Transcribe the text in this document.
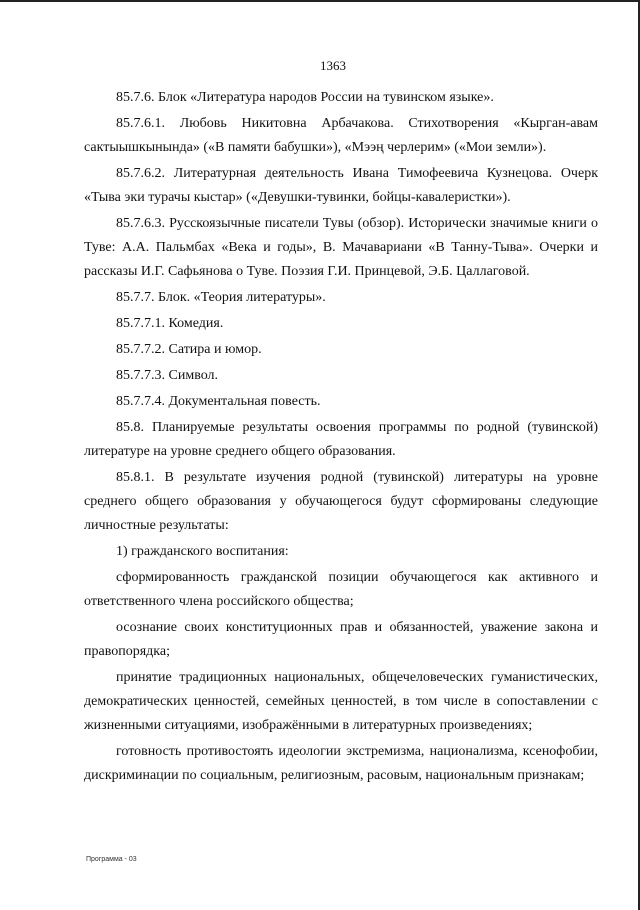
1363

85.7.6. Блок «Литература народов России на тувинском языке».

85.7.6.1. Любовь Никитовна Арбачакова. Стихотворения «Кырган-авам сактыышкынында» («В памяти бабушки»), «Мээң черлерим» («Мои земли»).

85.7.6.2. Литературная деятельность Ивана Тимофеевича Кузнецова. Очерк «Тыва эки турачы кыстар» («Девушки-тувинки, бойцы-кавалеристки»).

85.7.6.3. Русскоязычные писатели Тувы (обзор). Исторически значимые книги о Туве: А.А. Пальмбах «Века и годы», В. Мачавариани «В Танну-Тыва». Очерки и рассказы И.Г. Сафьянова о Туве. Поэзия Г.И. Принцевой, Э.Б. Цаллаговой.

85.7.7. Блок. «Теория литературы».

85.7.7.1. Комедия.

85.7.7.2. Сатира и юмор.

85.7.7.3. Символ.

85.7.7.4. Документальная повесть.

85.8. Планируемые результаты освоения программы по родной (тувинской) литературе на уровне среднего общего образования.

85.8.1. В результате изучения родной (тувинской) литературы на уровне среднего общего образования у обучающегося будут сформированы следующие личностные результаты:

1) гражданского воспитания:

сформированность гражданской позиции обучающегося как активного и ответственного члена российского общества;

осознание своих конституционных прав и обязанностей, уважение закона и правопорядка;

принятие традиционных национальных, общечеловеческих гуманистических, демократических ценностей, семейных ценностей, в том числе в сопоставлении с жизненными ситуациями, изображёнными в литературных произведениях;

готовность противостоять идеологии экстремизма, национализма, ксенофобии, дискриминации по социальным, религиозным, расовым, национальным признакам;

Программа - 03
